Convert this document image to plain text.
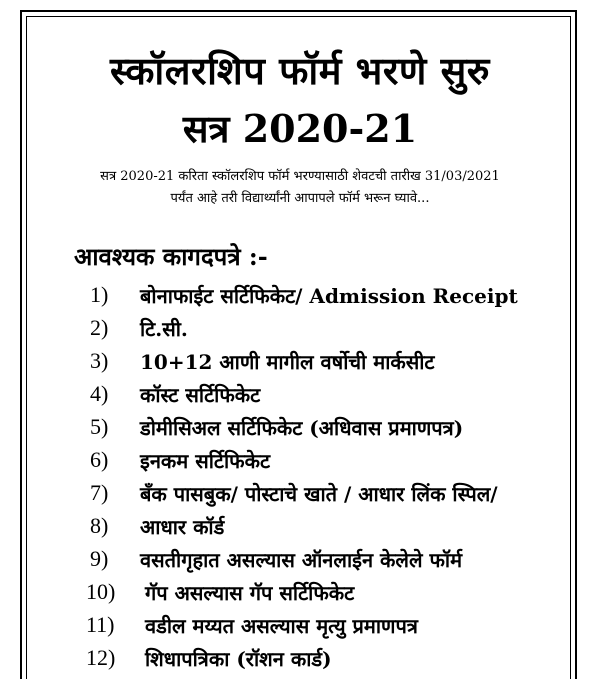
स्कॉलरशिप फॉर्म भरणे सुरु
सत्र 2020-21
सत्र 2020-21 करिता स्कॉलरशिप फॉर्म भरण्यासाठी शेवटची तारीख 31/03/2021
पर्यंत आहे तरी विद्यार्थ्यांनी आपापले फॉर्म भरून घ्यावे...
आवश्यक कागदपत्रे :-
1) बोनाफाईट सर्टिफिकेट/ Admission Receipt
2) टि.सी.
3) 10+12 आणी मागील वर्षोची मार्कसीट
4) कॉस्ट सर्टिफिकेट
5) डोमीसिअल सर्टिफिकेट (अधिवास प्रमाणपत्र)
6) इनकम सर्टिफिकेट
7) बँक पासबुक/ पोस्टाचे खाते / आधार लिंक स्पिल/
8) आधार कॉर्ड
9) वसतीगृहात असल्यास ऑनलाईन केलेले फॉर्म
10) गॅप असल्यास गॅप सर्टिफिकेट
11) वडील मय्यत असल्यास मृत्यु प्रमाणपत्र
12) शिधापत्रिका (रॉशन कार्ड)
